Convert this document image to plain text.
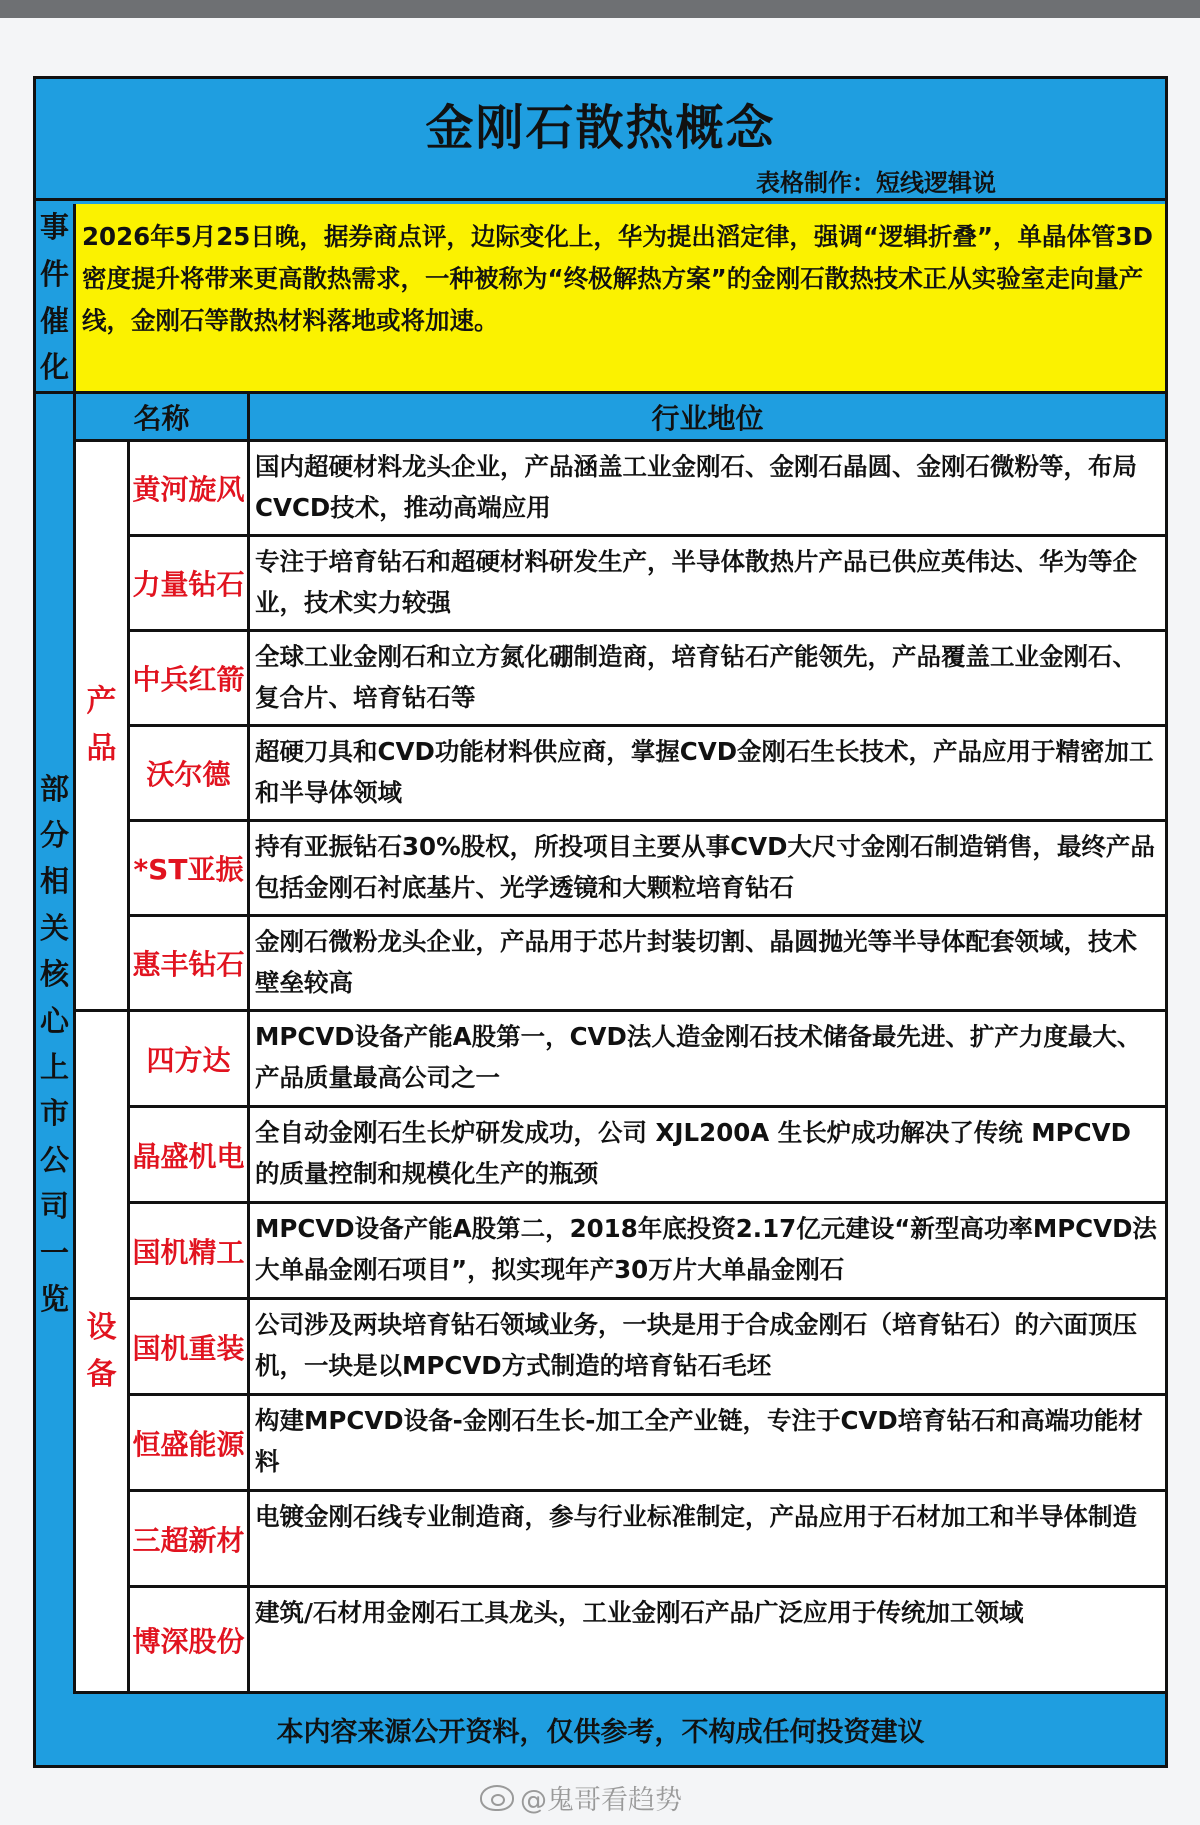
金刚石散热概念
表格制作：短线逻辑说
事件催化
2026年5月25日晚，据券商点评，边际变化上，华为提出滔定律，强调“逻辑折叠”，单晶体管3D密度提升将带来更高散热需求，一种被称为“终极解热方案”的金刚石散热技术正从实验室走向量产线，金刚石等散热材料落地或将加速。
部分相关核心上市公司一览
名称	行业地位
产品
设备
黄河旋风
国内超硬材料龙头企业，产品涵盖工业金刚石、金刚石晶圆、金刚石微粉等，布局CVCD技术，推动高端应用
力量钻石
专注于培育钻石和超硬材料研发生产，半导体散热片产品已供应英伟达、华为等企业，技术实力较强
中兵红箭
全球工业金刚石和立方氮化硼制造商，培育钻石产能领先，产品覆盖工业金刚石、复合片、培育钻石等
沃尔德
超硬刀具和CVD功能材料供应商，掌握CVD金刚石生长技术，产品应用于精密加工和半导体领域
*ST亚振
持有亚振钻石30%股权，所投项目主要从事CVD大尺寸金刚石制造销售，最终产品包括金刚石衬底基片、光学透镜和大颗粒培育钻石
惠丰钻石
金刚石微粉龙头企业，产品用于芯片封装切割、晶圆抛光等半导体配套领域，技术壁垒较高
四方达
MPCVD设备产能A股第一，CVD法人造金刚石技术储备最先进、扩产力度最大、产品质量最高公司之一
晶盛机电
全自动金刚石生长炉研发成功，公司 XJL200A 生长炉成功解决了传统 MPCVD 的质量控制和规模化生产的瓶颈
国机精工
MPCVD设备产能A股第二，2018年底投资2.17亿元建设“新型高功率MPCVD法大单晶金刚石项目”，拟实现年产30万片大单晶金刚石
国机重装
公司涉及两块培育钻石领域业务，一块是用于合成金刚石（培育钻石）的六面顶压机，一块是以MPCVD方式制造的培育钻石毛坯
恒盛能源
构建MPCVD设备-金刚石生长-加工全产业链，专注于CVD培育钻石和高端功能材料
三超新材
电镀金刚石线专业制造商，参与行业标准制定，产品应用于石材加工和半导体制造
博深股份
建筑/石材用金刚石工具龙头，工业金刚石产品广泛应用于传统加工领域
本内容来源公开资料，仅供参考，不构成任何投资建议
@鬼哥看趋势
